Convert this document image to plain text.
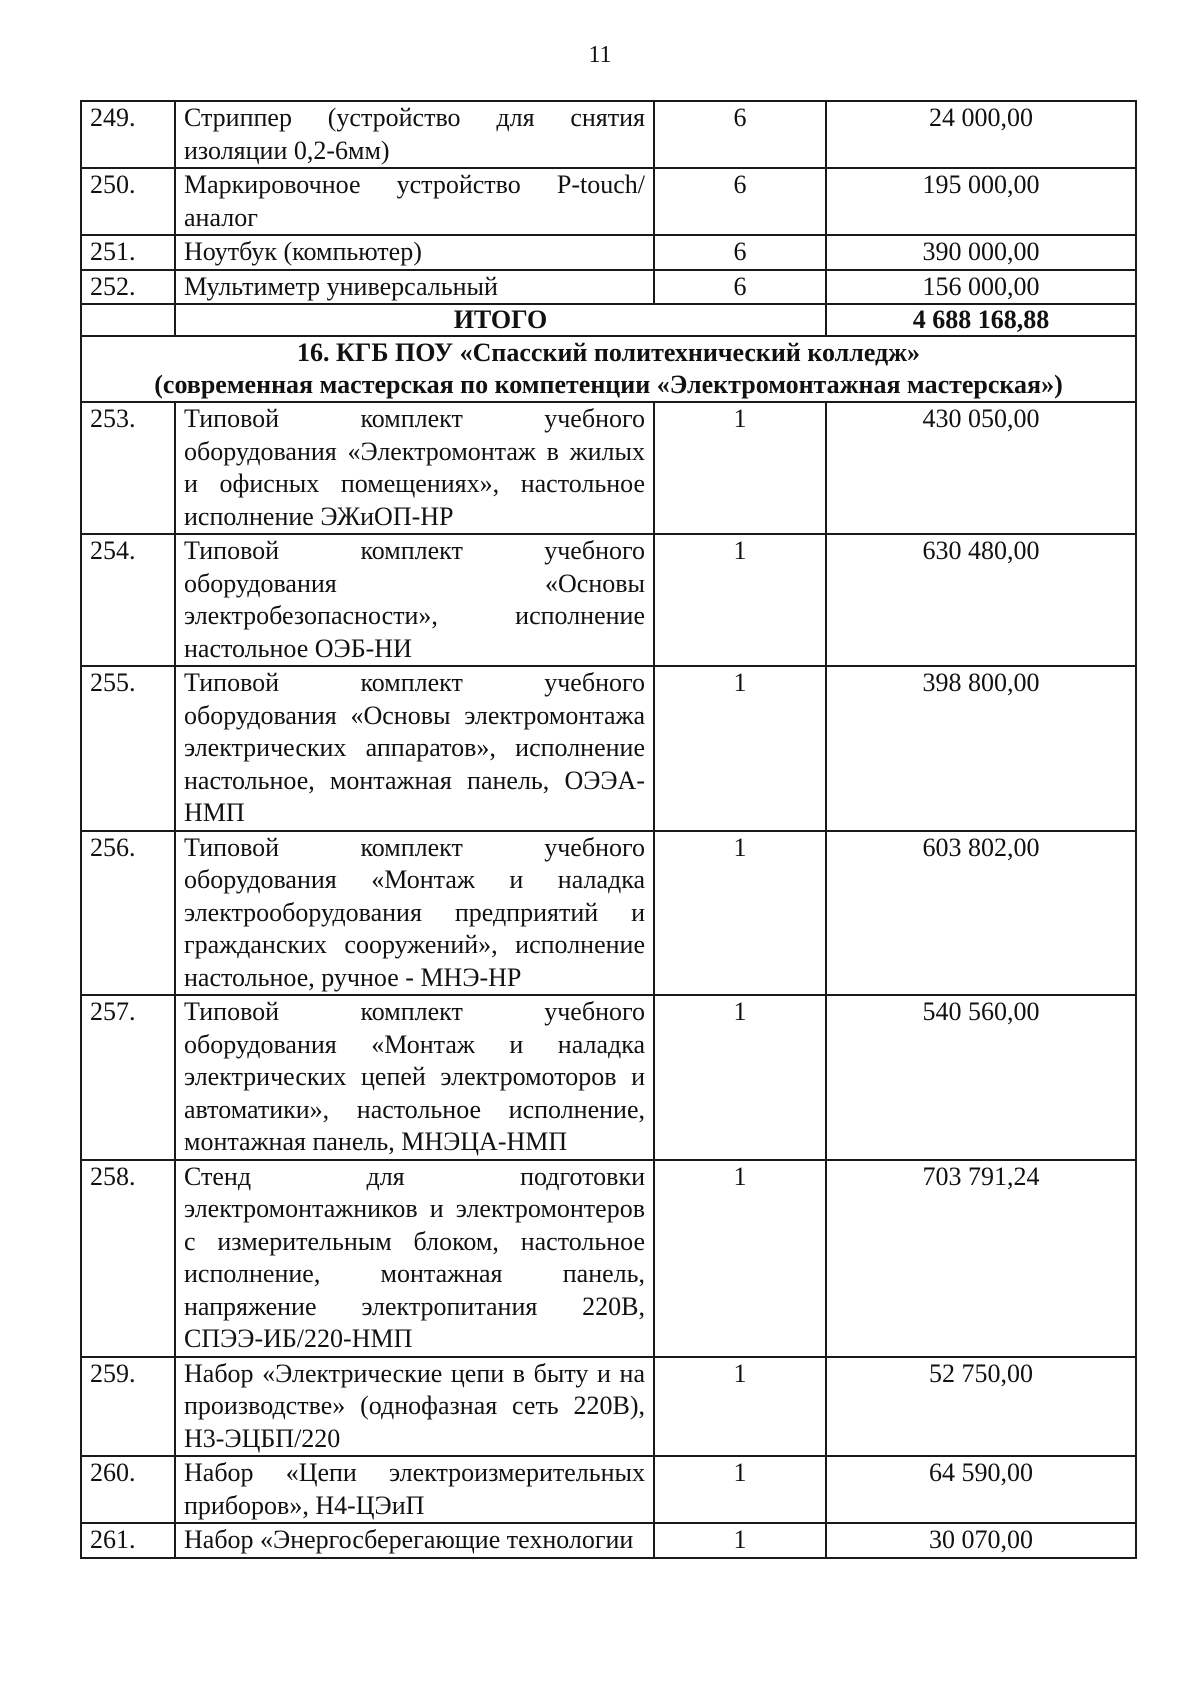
11
249.	Стриппер (устройство для снятия изоляции 0,2-6мм)	6	24 000,00
250.	Маркировочное устройство P-touch/ аналог	6	195 000,00
251.	Ноутбук (компьютер)	6	390 000,00
252.	Мультиметр универсальный	6	156 000,00
	ИТОГО		4 688 168,88

16. КГБ ПОУ «Спасский политехнический колледж»
(современная мастерская по компетенции «Электромонтажная мастерская»)			

253.	Типовой комплект учебного оборудования «Электромонтаж в жилых и офисных помещениях», настольное исполнение ЭЖиОП-НР	1	430 050,00
254.	Типовой комплект учебного оборудования «Основы электробезопасности», исполнение настольное ОЭБ-НИ	1	630 480,00
255.	Типовой комплект учебного оборудования «Основы электромонтажа электрических аппаратов», исполнение настольное, монтажная панель, ОЭЭА-НМП	1	398 800,00
256.	Типовой комплект учебного оборудования «Монтаж и наладка электрооборудования предприятий и гражданских сооружений», исполнение настольное, ручное - МНЭ-НР	1	603 802,00
257.	Типовой комплект учебного оборудования «Монтаж и наладка электрических цепей электромоторов и автоматики», настольное исполнение, монтажная панель, МНЭЦА-НМП	1	540 560,00
258.	Стенд для подготовки электромонтажников и электромонтеров с измерительным блоком, настольное исполнение, монтажная панель, напряжение электропитания 220В, СПЭЭ-ИБ/220-НМП	1	703 791,24
259.	Набор «Электрические цепи в быту и на производстве» (однофазная сеть 220В), Н3-ЭЦБП/220	1	52 750,00
260.	Набор «Цепи электроизмерительных приборов», Н4-ЦЭиП	1	64 590,00
261.	Набор «Энергосберегающие технологии	1	30 070,00
